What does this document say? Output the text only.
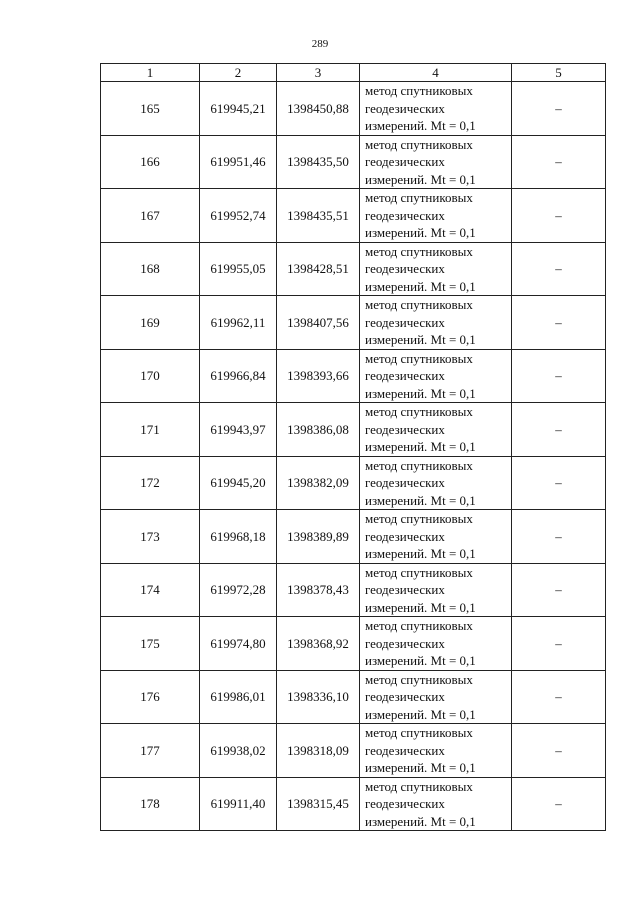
289
1	2	3	4	5
165	619945,21	1398450,88	метод спутниковых
геодезических
измерений. Mt = 0,1	–
166	619951,46	1398435,50	метод спутниковых
геодезических
измерений. Mt = 0,1	–
167	619952,74	1398435,51	метод спутниковых
геодезических
измерений. Mt = 0,1	–
168	619955,05	1398428,51	метод спутниковых
геодезических
измерений. Mt = 0,1	–
169	619962,11	1398407,56	метод спутниковых
геодезических
измерений. Mt = 0,1	–
170	619966,84	1398393,66	метод спутниковых
геодезических
измерений. Mt = 0,1	–
171	619943,97	1398386,08	метод спутниковых
геодезических
измерений. Mt = 0,1	–
172	619945,20	1398382,09	метод спутниковых
геодезических
измерений. Mt = 0,1	–
173	619968,18	1398389,89	метод спутниковых
геодезических
измерений. Mt = 0,1	–
174	619972,28	1398378,43	метод спутниковых
геодезических
измерений. Mt = 0,1	–
175	619974,80	1398368,92	метод спутниковых
геодезических
измерений. Mt = 0,1	–
176	619986,01	1398336,10	метод спутниковых
геодезических
измерений. Mt = 0,1	–
177	619938,02	1398318,09	метод спутниковых
геодезических
измерений. Mt = 0,1	–
178	619911,40	1398315,45	метод спутниковых
геодезических
измерений. Mt = 0,1	–
